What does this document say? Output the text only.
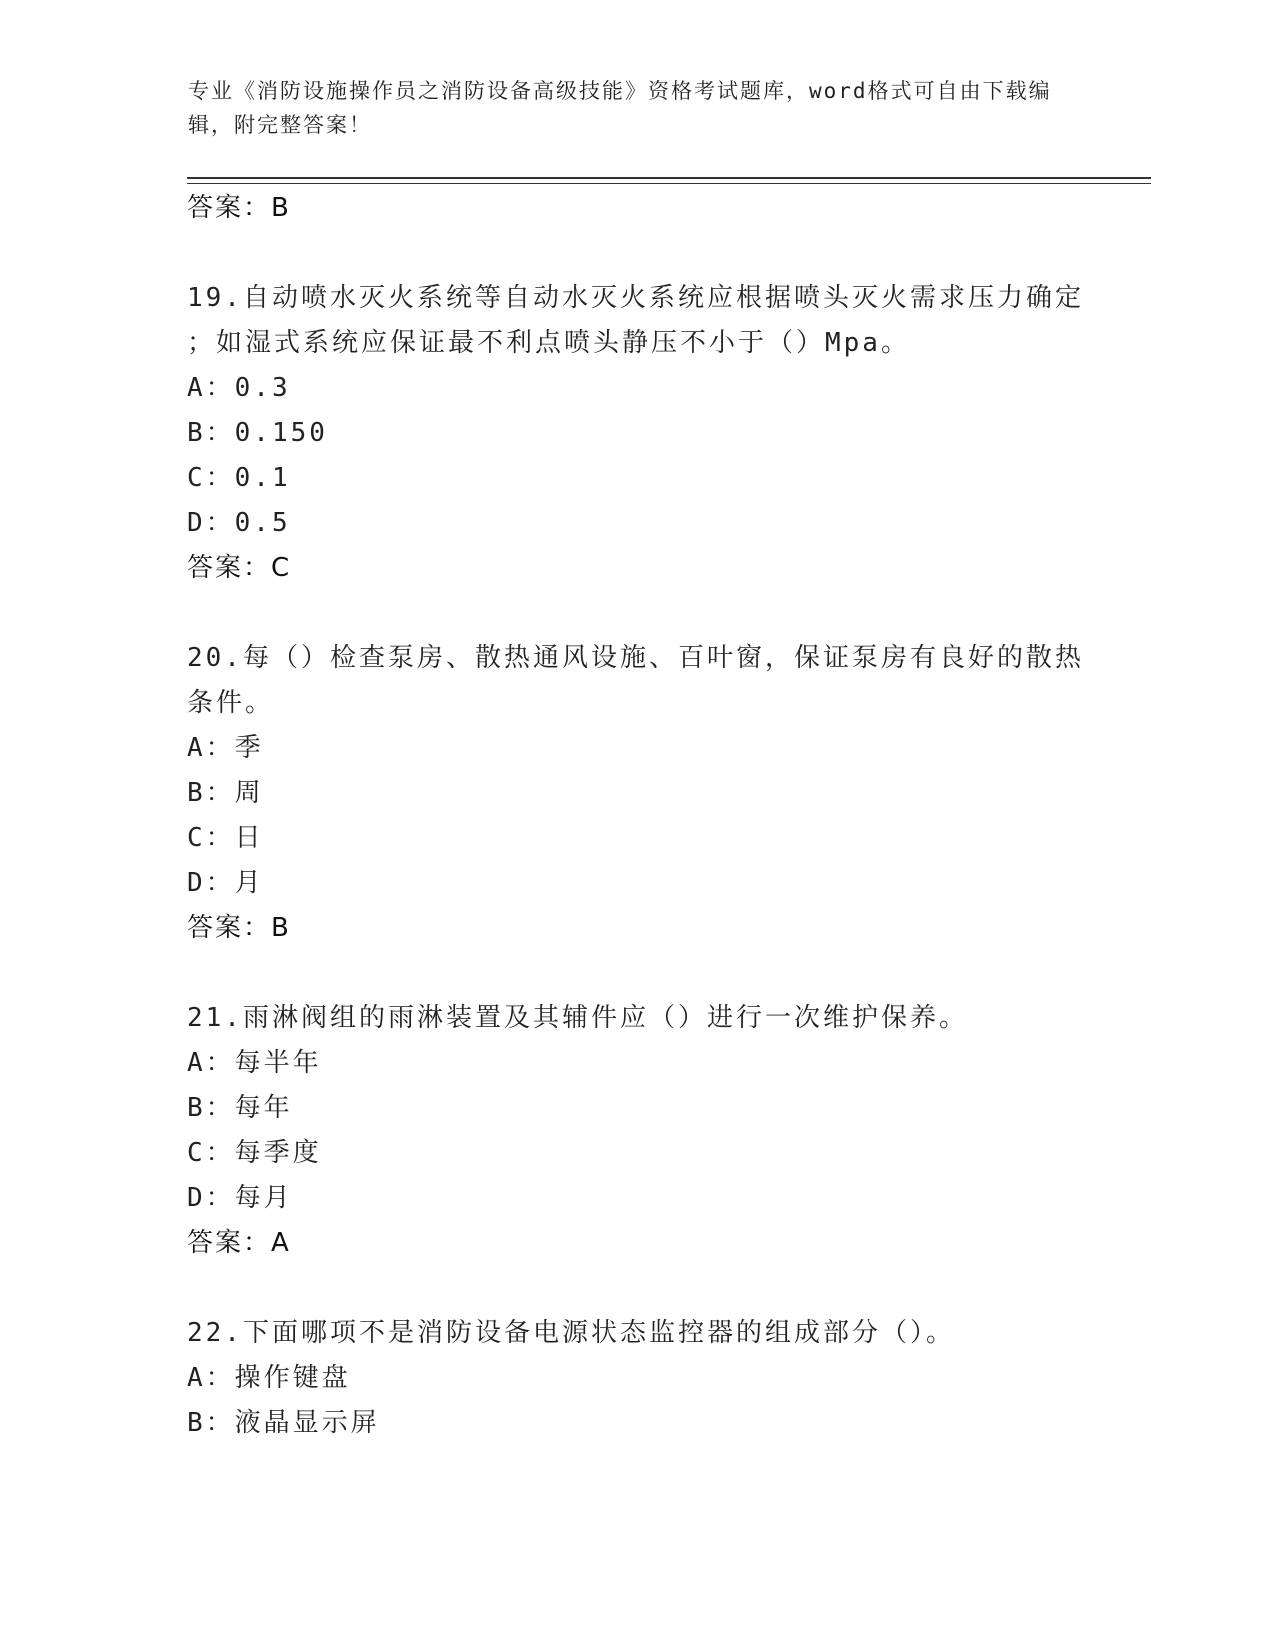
专业《消防设施操作员之消防设备高级技能》资格考试题库，word格式可自由下载编辑，附完整答案！
答案：B
19.自动喷水灭火系统等自动水灭火系统应根据喷头灭火需求压力确定
；如湿式系统应保证最不利点喷头静压不小于（）Mpa。
A：0.3
B：0.150
C：0.1
D：0.5
答案：C
20.每（）检查泵房、散热通风设施、百叶窗，保证泵房有良好的散热
条件。
A：季
B：周
C：日
D：月
答案：B
21.雨淋阀组的雨淋装置及其辅件应（）进行一次维护保养。
A：每半年
B：每年
C：每季度
D：每月
答案：A
22.下面哪项不是消防设备电源状态监控器的组成部分（）。
A：操作键盘
B：液晶显示屏
